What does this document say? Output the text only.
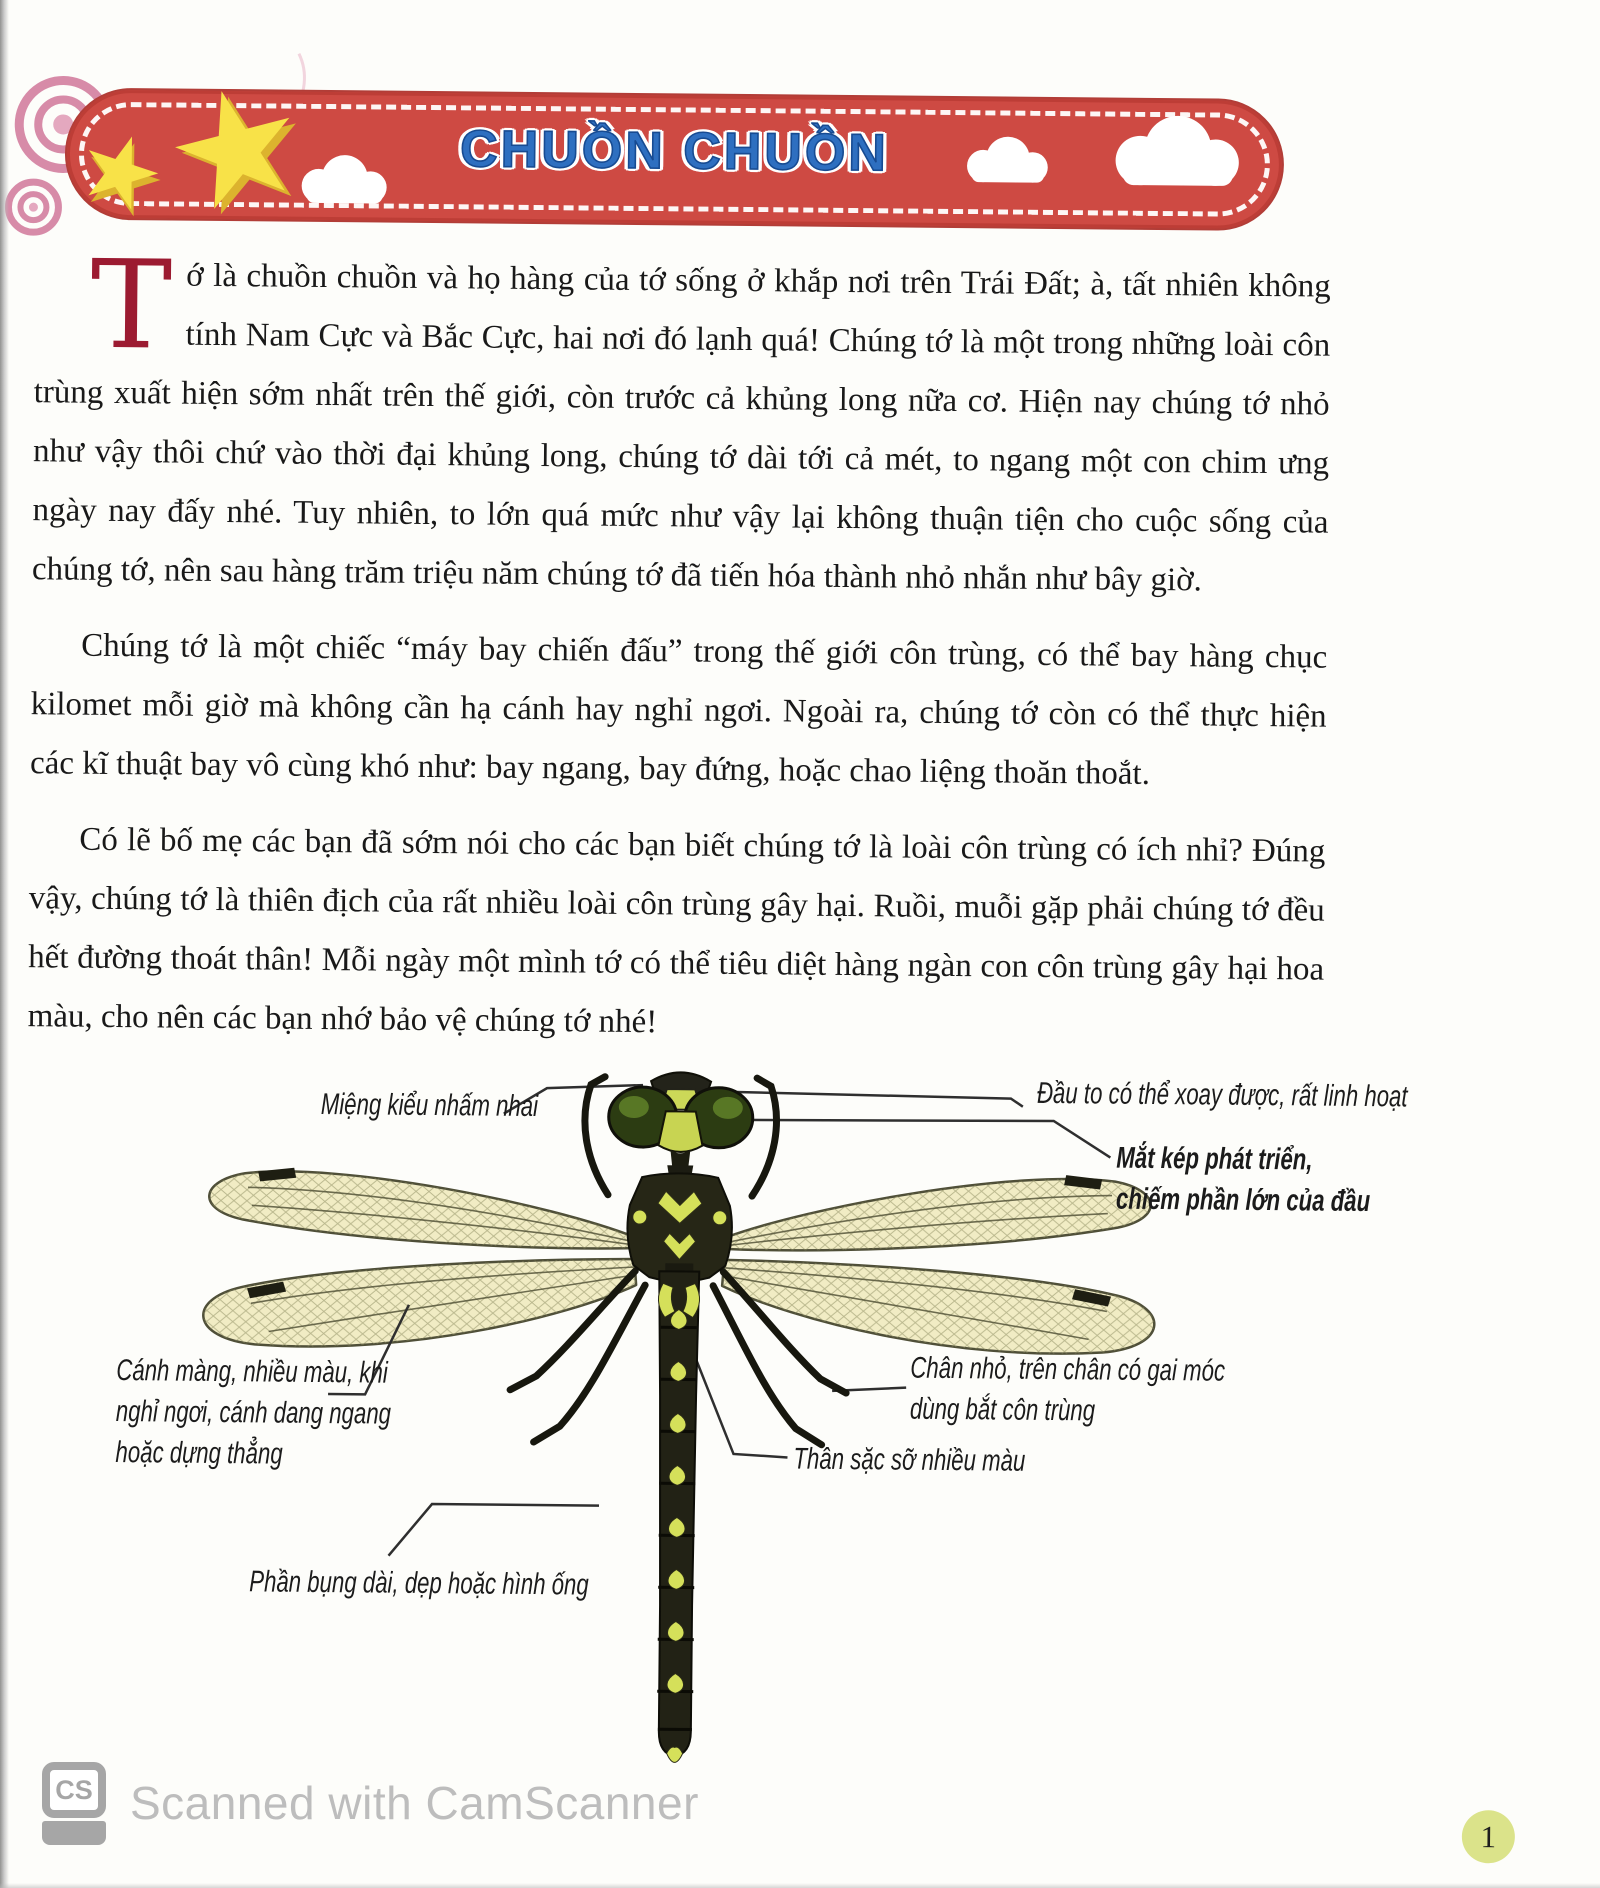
CHUỒN CHUỒN

Tớ là chuồn chuồn và họ hàng của tớ sống ở khắp nơi trên Trái Đất; à, tất nhiên không tính Nam Cực và Bắc Cực, hai nơi đó lạnh quá! Chúng tớ là một trong những loài côn trùng xuất hiện sớm nhất trên thế giới, còn trước cả khủng long nữa cơ. Hiện nay chúng tớ nhỏ như vậy thôi chứ vào thời đại khủng long, chúng tớ dài tới cả mét, to ngang một con chim ưng ngày nay đấy nhé. Tuy nhiên, to lớn quá mức như vậy lại không thuận tiện cho cuộc sống của chúng tớ, nên sau hàng trăm triệu năm chúng tớ đã tiến hóa thành nhỏ nhắn như bây giờ.

Chúng tớ là một chiếc “máy bay chiến đấu” trong thế giới côn trùng, có thể bay hàng chục kilomet mỗi giờ mà không cần hạ cánh hay nghỉ ngơi. Ngoài ra, chúng tớ còn có thể thực hiện các kĩ thuật bay vô cùng khó như: bay ngang, bay đứng, hoặc chao liệng thoăn thoắt.

Có lẽ bố mẹ các bạn đã sớm nói cho các bạn biết chúng tớ là loài côn trùng có ích nhỉ? Đúng vậy, chúng tớ là thiên địch của rất nhiều loài côn trùng gây hại. Ruồi, muỗi gặp phải chúng tớ đều hết đường thoát thân! Mỗi ngày một mình tớ có thể tiêu diệt hàng ngàn con côn trùng gây hại hoa màu, cho nên các bạn nhớ bảo vệ chúng tớ nhé!

Miệng kiểu nhấm nhai	Đầu to có thể xoay được, rất linh hoạt
Mắt kép phát triển,
chiếm phần lớn của đầu
Cánh màng, nhiều màu, khi
nghỉ ngơi, cánh dang ngang
hoặc dựng thẳng
Chân nhỏ, trên chân có gai móc
dùng bắt côn trùng
Thân sặc sỡ nhiều màu
Phần bụng dài, dẹp hoặc hình ống
1
CS Scanned with CamScanner
